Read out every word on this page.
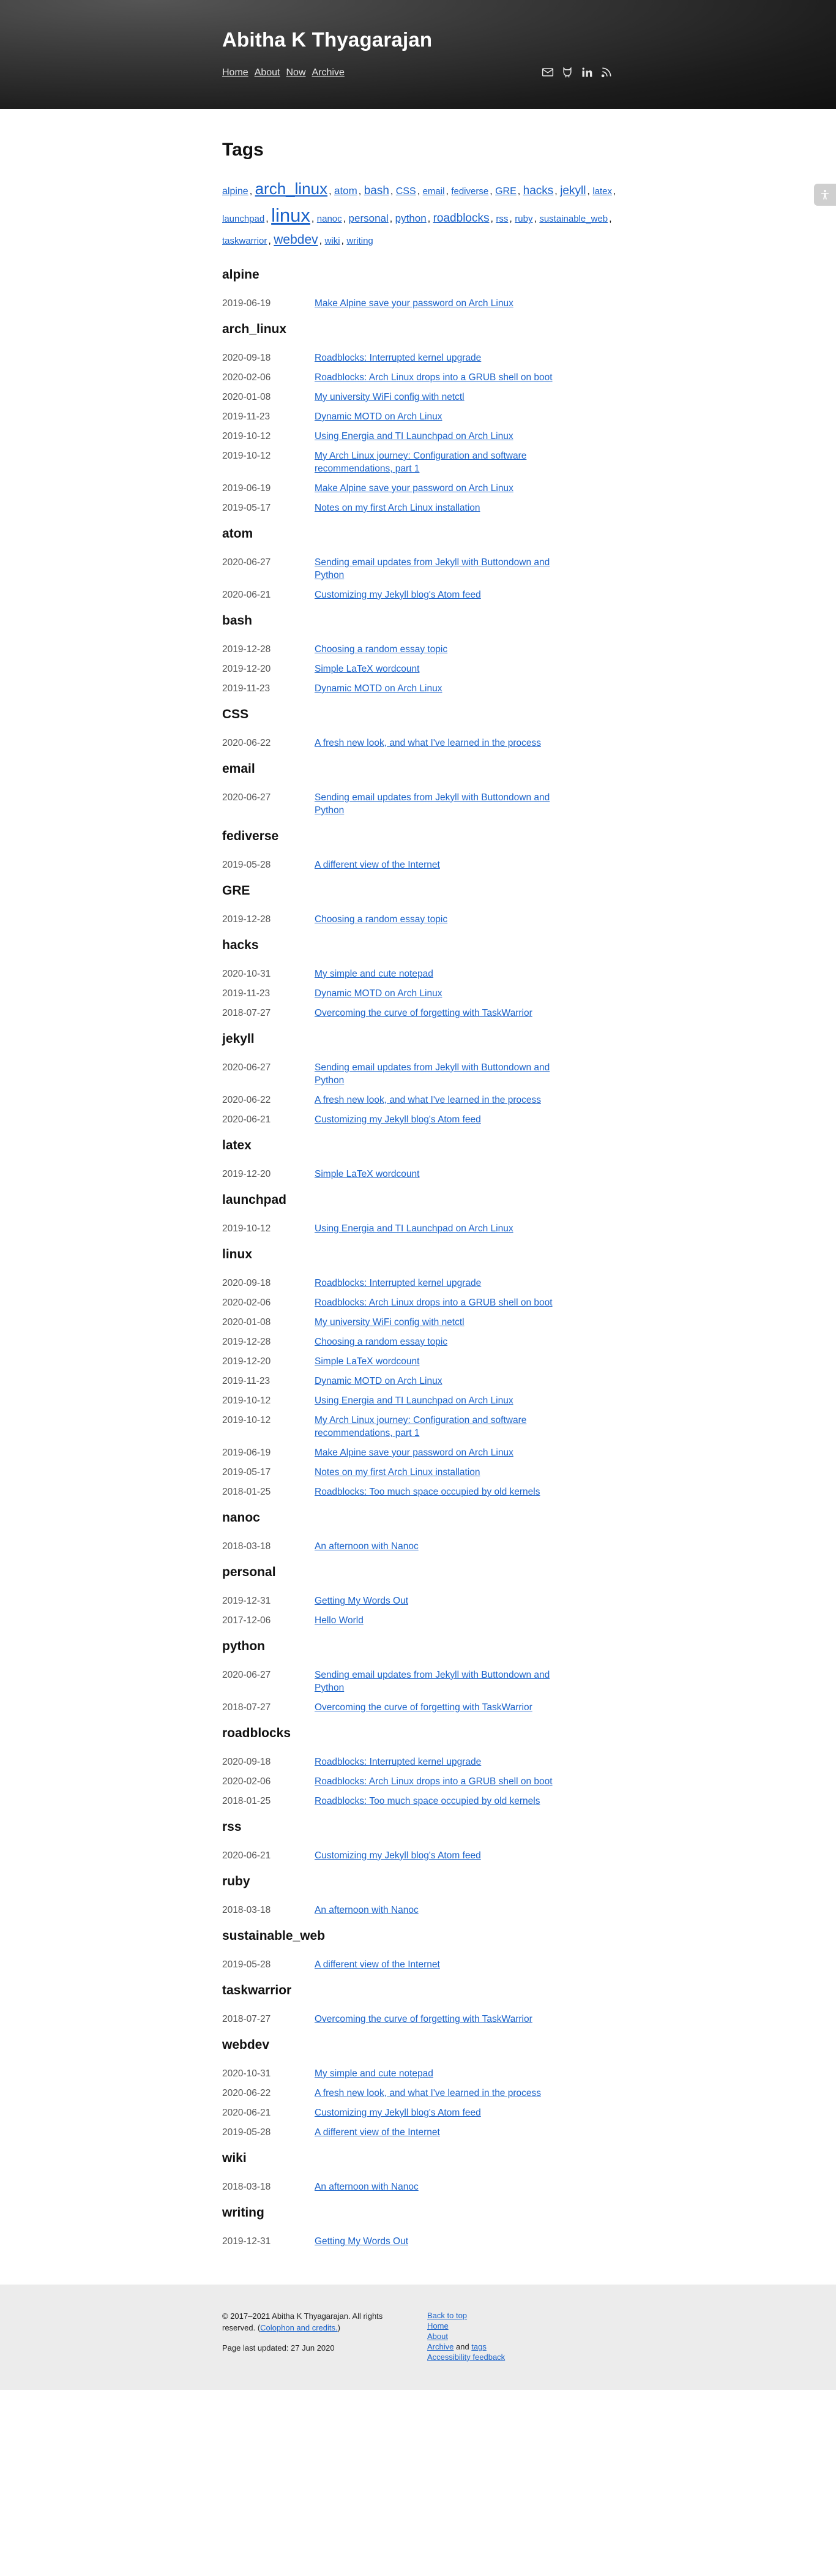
Abitha K Thyagarajan
Home About Now Archive
Tags
alpine , arch_linux , atom , bash , CSS , email , fediverse , GRE , hacks , jekyll , latex , launchpad , linux , nanoc , personal , python , roadblocks , rss , ruby , sustainable_web , taskwarrior , webdev , wiki , writing
alpine
2019-06-19	Make Alpine save your password on Arch Linux
arch_linux
2020-09-18	Roadblocks: Interrupted kernel upgrade
2020-02-06	Roadblocks: Arch Linux drops into a GRUB shell on boot
2020-01-08	My university WiFi config with netctl
2019-11-23	Dynamic MOTD on Arch Linux
2019-10-12	Using Energia and TI Launchpad on Arch Linux
2019-10-12	My Arch Linux journey: Configuration and software recommendations, part 1
2019-06-19	Make Alpine save your password on Arch Linux
2019-05-17	Notes on my first Arch Linux installation
atom
2020-06-27	Sending email updates from Jekyll with Buttondown and Python
2020-06-21	Customizing my Jekyll blog's Atom feed
bash
2019-12-28	Choosing a random essay topic
2019-12-20	Simple LaTeX wordcount
2019-11-23	Dynamic MOTD on Arch Linux
CSS
2020-06-22	A fresh new look, and what I've learned in the process
email
2020-06-27	Sending email updates from Jekyll with Buttondown and Python
fediverse
2019-05-28	A different view of the Internet
GRE
2019-12-28	Choosing a random essay topic
hacks
2020-10-31	My simple and cute notepad
2019-11-23	Dynamic MOTD on Arch Linux
2018-07-27	Overcoming the curve of forgetting with TaskWarrior
jekyll
2020-06-27	Sending email updates from Jekyll with Buttondown and Python
2020-06-22	A fresh new look, and what I've learned in the process
2020-06-21	Customizing my Jekyll blog's Atom feed
latex
2019-12-20	Simple LaTeX wordcount
launchpad
2019-10-12	Using Energia and TI Launchpad on Arch Linux
linux
2020-09-18	Roadblocks: Interrupted kernel upgrade
2020-02-06	Roadblocks: Arch Linux drops into a GRUB shell on boot
2020-01-08	My university WiFi config with netctl
2019-12-28	Choosing a random essay topic
2019-12-20	Simple LaTeX wordcount
2019-11-23	Dynamic MOTD on Arch Linux
2019-10-12	Using Energia and TI Launchpad on Arch Linux
2019-10-12	My Arch Linux journey: Configuration and software recommendations, part 1
2019-06-19	Make Alpine save your password on Arch Linux
2019-05-17	Notes on my first Arch Linux installation
2018-01-25	Roadblocks: Too much space occupied by old kernels
nanoc
2018-03-18	An afternoon with Nanoc
personal
2019-12-31	Getting My Words Out
2017-12-06	Hello World
python
2020-06-27	Sending email updates from Jekyll with Buttondown and Python
2018-07-27	Overcoming the curve of forgetting with TaskWarrior
roadblocks
2020-09-18	Roadblocks: Interrupted kernel upgrade
2020-02-06	Roadblocks: Arch Linux drops into a GRUB shell on boot
2018-01-25	Roadblocks: Too much space occupied by old kernels
rss
2020-06-21	Customizing my Jekyll blog's Atom feed
ruby
2018-03-18	An afternoon with Nanoc
sustainable_web
2019-05-28	A different view of the Internet
taskwarrior
2018-07-27	Overcoming the curve of forgetting with TaskWarrior
webdev
2020-10-31	My simple and cute notepad
2020-06-22	A fresh new look, and what I've learned in the process
2020-06-21	Customizing my Jekyll blog's Atom feed
2019-05-28	A different view of the Internet
wiki
2018-03-18	An afternoon with Nanoc
writing
2019-12-31	Getting My Words Out
© 2017–2021 Abitha K Thyagarajan. All rights reserved. (Colophon and credits.)
Page last updated: 27 Jun 2020
Back to top
Home
About
Archive and tags
Accessibility feedback
